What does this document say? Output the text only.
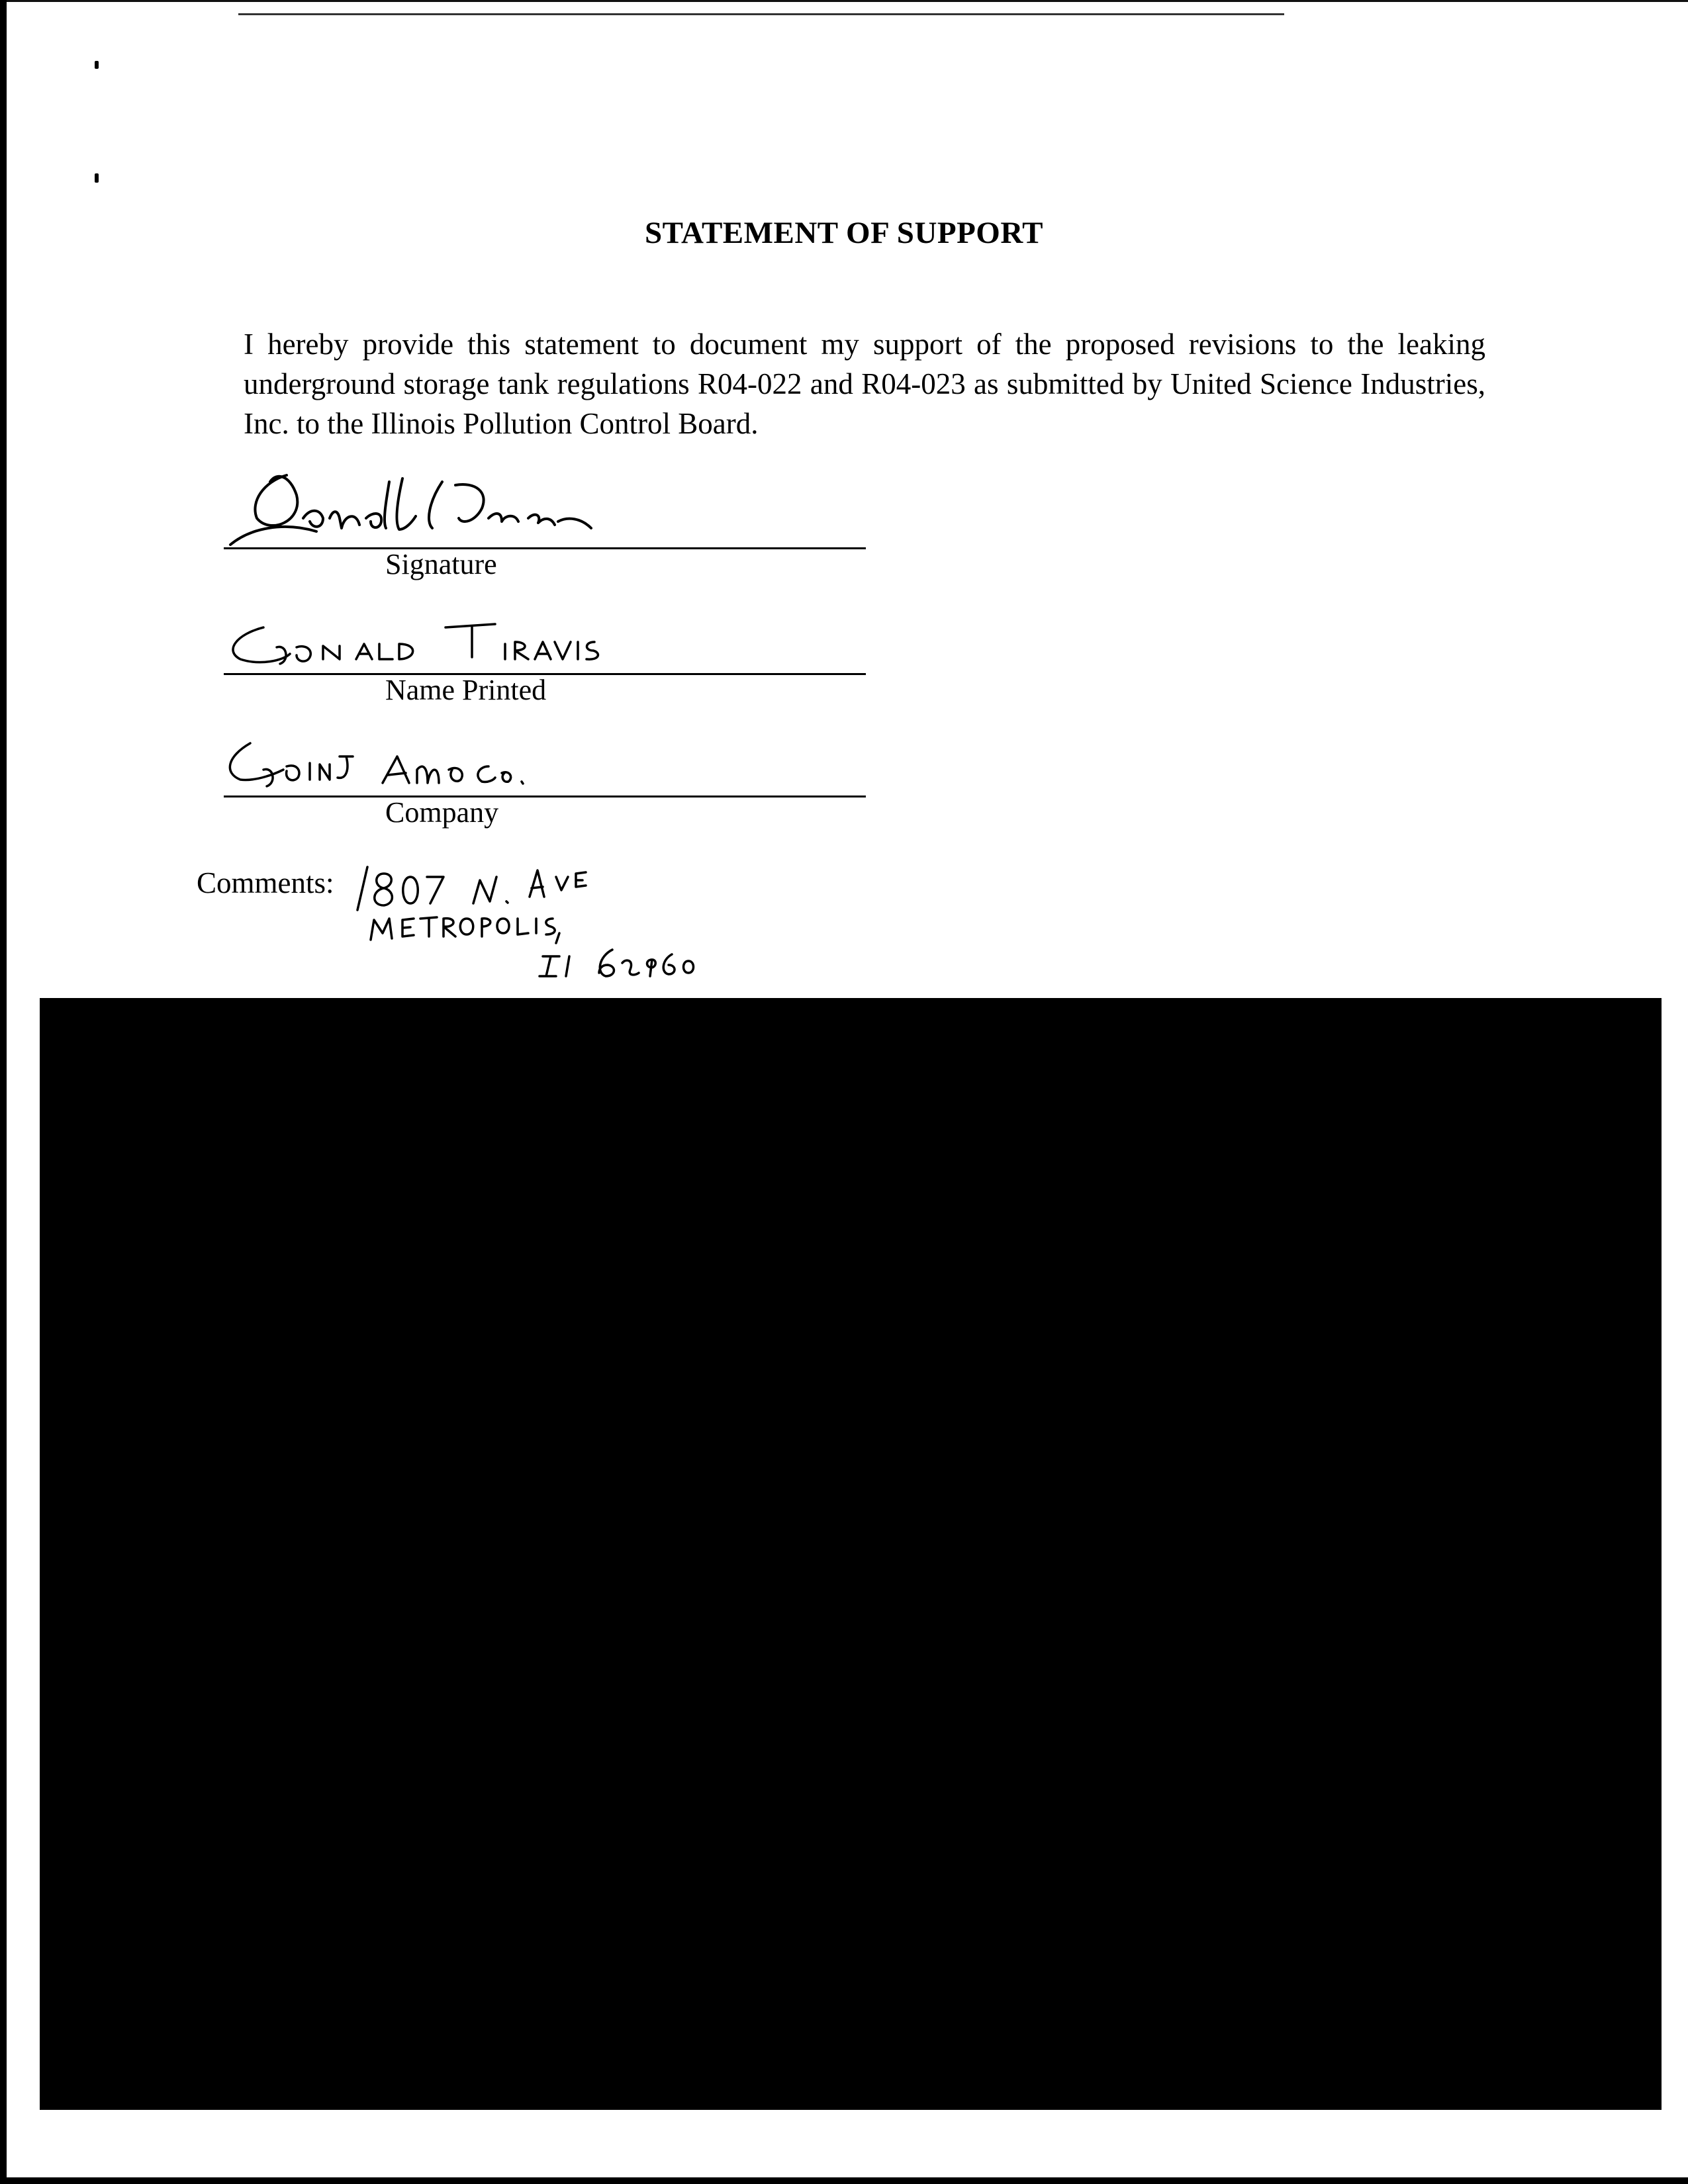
STATEMENT OF SUPPORT
I hereby provide this statement to document my support of the proposed revisions to the leaking underground storage tank regulations R04-022 and R04-023 as submitted by United Science Industries, Inc. to the Illinois Pollution Control Board.
Signature
Name Printed
Company
Comments:
